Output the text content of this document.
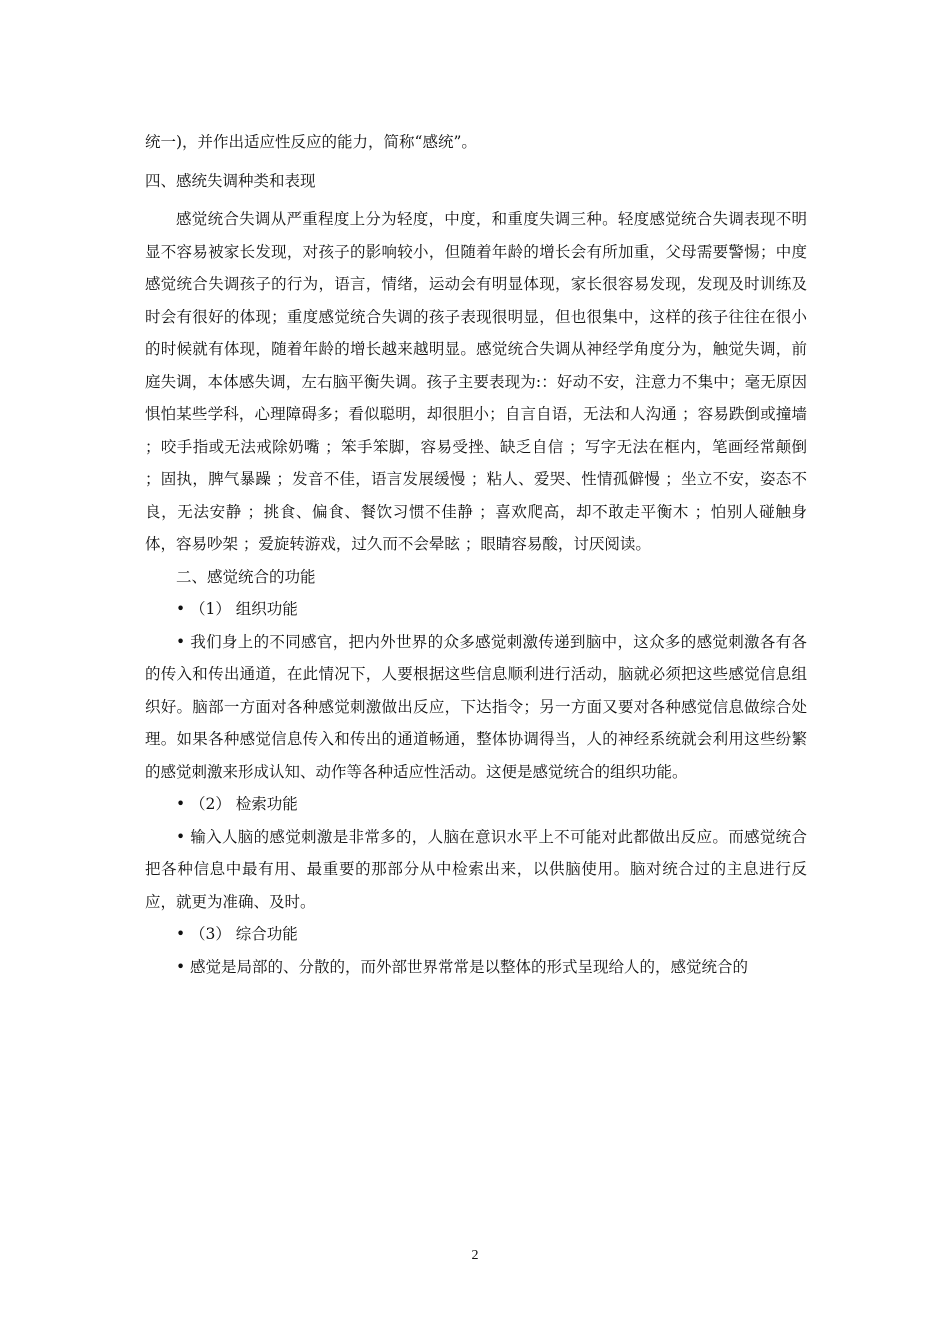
统一)，并作出适应性反应的能力，简称“感统”。

四、感统失调种类和表现

感觉统合失调从严重程度上分为轻度，中度，和重度失调三种。轻度感觉统合失调表现不明显不容易被家长发现，对孩子的影响较小，但随着年龄的增长会有所加重，父母需要警惕；中度感觉统合失调孩子的行为，语言，情绪，运动会有明显体现，家长很容易发现，发现及时训练及时会有很好的体现；重度感觉统合失调的孩子表现很明显，但也很集中，这样的孩子往往在很小的时候就有体现，随着年龄的增长越来越明显。感觉统合失调从神经学角度分为，触觉失调，前庭失调，本体感失调，左右脑平衡失调。孩子主要表现为:：好动不安，注意力不集中；毫无原因惧怕某些学科，心理障碍多；看似聪明，却很胆小；自言自语，无法和人沟通 ；容易跌倒或撞墙 ；咬手指或无法戒除奶嘴 ；笨手笨脚，容易受挫、缺乏自信 ；写字无法在框内，笔画经常颠倒 ；固执，脾气暴躁 ；发音不佳，语言发展缓慢 ；粘人、爱哭、性情孤僻慢 ；坐立不安，姿态不良，无法安静 ；挑食、偏食、餐饮习惯不佳静 ；喜欢爬高，却不敢走平衡木 ；怕别人碰触身体，容易吵架 ；爱旋转游戏，过久而不会晕眩 ；眼睛容易酸，讨厌阅读。

二、感觉统合的功能

• （1） 组织功能

• 我们身上的不同感官，把内外世界的众多感觉刺激传递到脑中，这众多的感觉刺激各有各的传入和传出通道，在此情况下，人要根据这些信息顺利进行活动，脑就必须把这些感觉信息组织好。脑部一方面对各种感觉刺激做出反应，下达指令；另一方面又要对各种感觉信息做综合处理。如果各种感觉信息传入和传出的通道畅通，整体协调得当，人的神经系统就会利用这些纷繁的感觉刺激来形成认知、动作等各种适应性活动。这便是感觉统合的组织功能。

• （2） 检索功能

• 输入人脑的感觉刺激是非常多的，人脑在意识水平上不可能对此都做出反应。而感觉统合把各种信息中最有用、最重要的那部分从中检索出来，以供脑使用。脑对统合过的主息进行反应，就更为准确、及时。

• （3） 综合功能

• 感觉是局部的、分散的，而外部世界常常是以整体的形式呈现给人的，感觉统合的

2
